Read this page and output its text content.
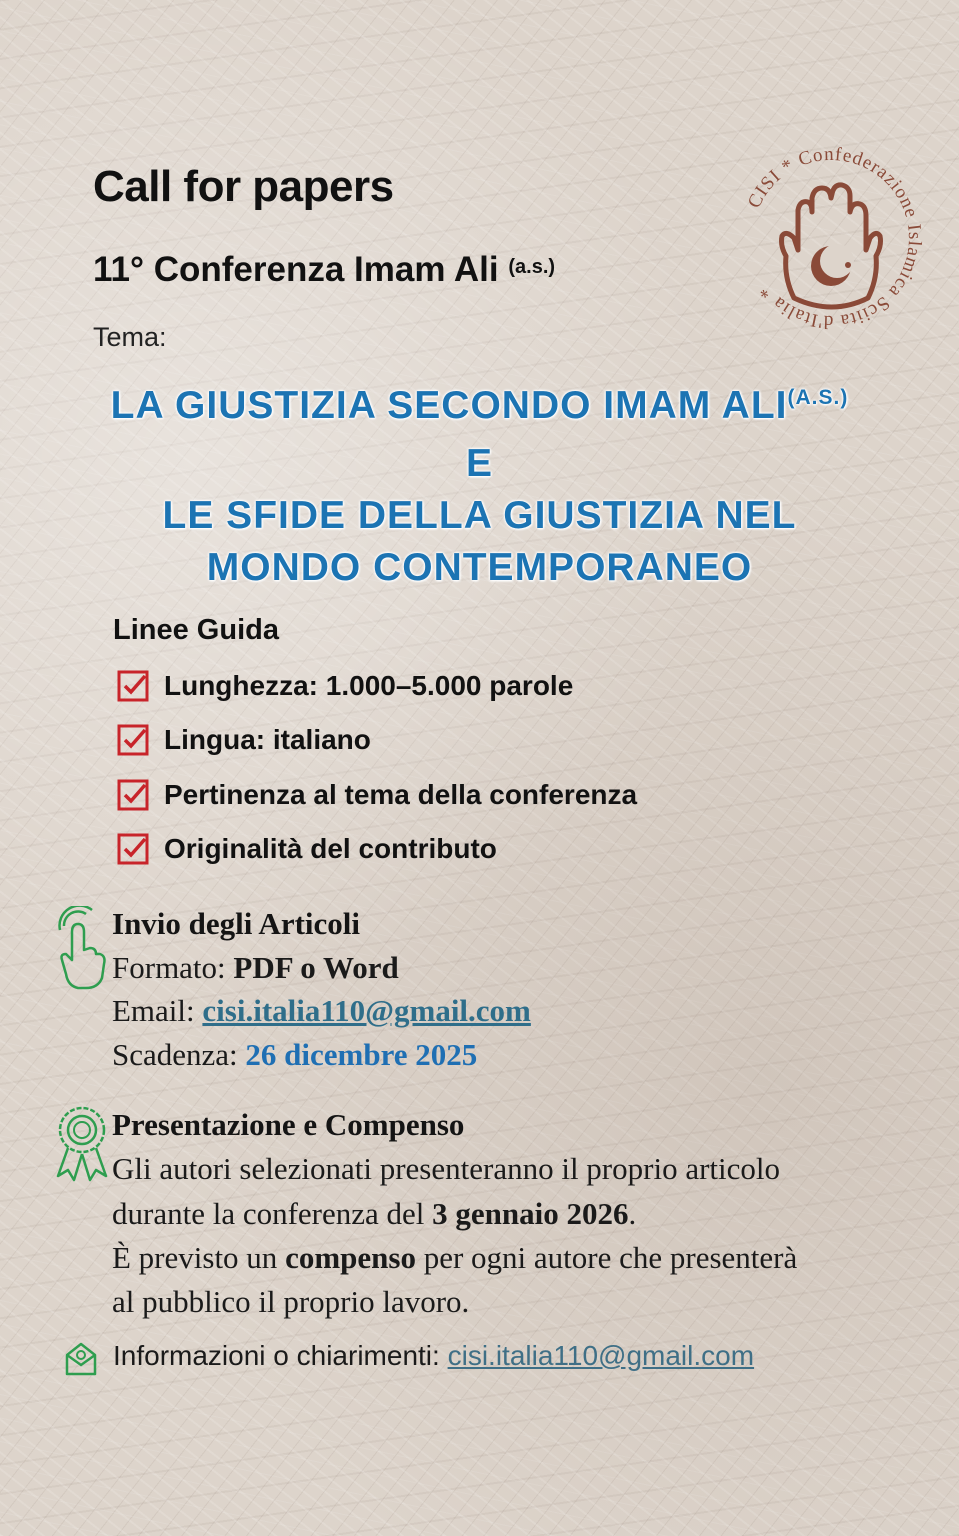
Call for papers
11° Conferenza Imam Ali $^{(a.s.)}$
Tema:
CISI * Confederazione Islamica Sciita d'Italia *
LA GIUSTIZIA SECONDO IMAM $ALI^{(A.S.)}$
E
LE SFIDE DELLA GIUSTIZIA NEL
MONDO CONTEMPORANEO
Linee Guida
Lunghezza: 1.000–5.000 parole
Lingua: italiano
Pertinenza al tema della conferenza
Originalità del contributo
Invio degli Articoli
Formato: PDF o Word
Email: cisi.italia110@gmail.com
Scadenza: 26 dicembre 2025
Presentazione e Compenso
Gli autori selezionati presenteranno il proprio articolo
durante la conferenza del 3 gennaio 2026.
È previsto un compenso per ogni autore che presenterà
al pubblico il proprio lavoro.
Informazioni o chiarimenti: cisi.italia110@gmail.com
